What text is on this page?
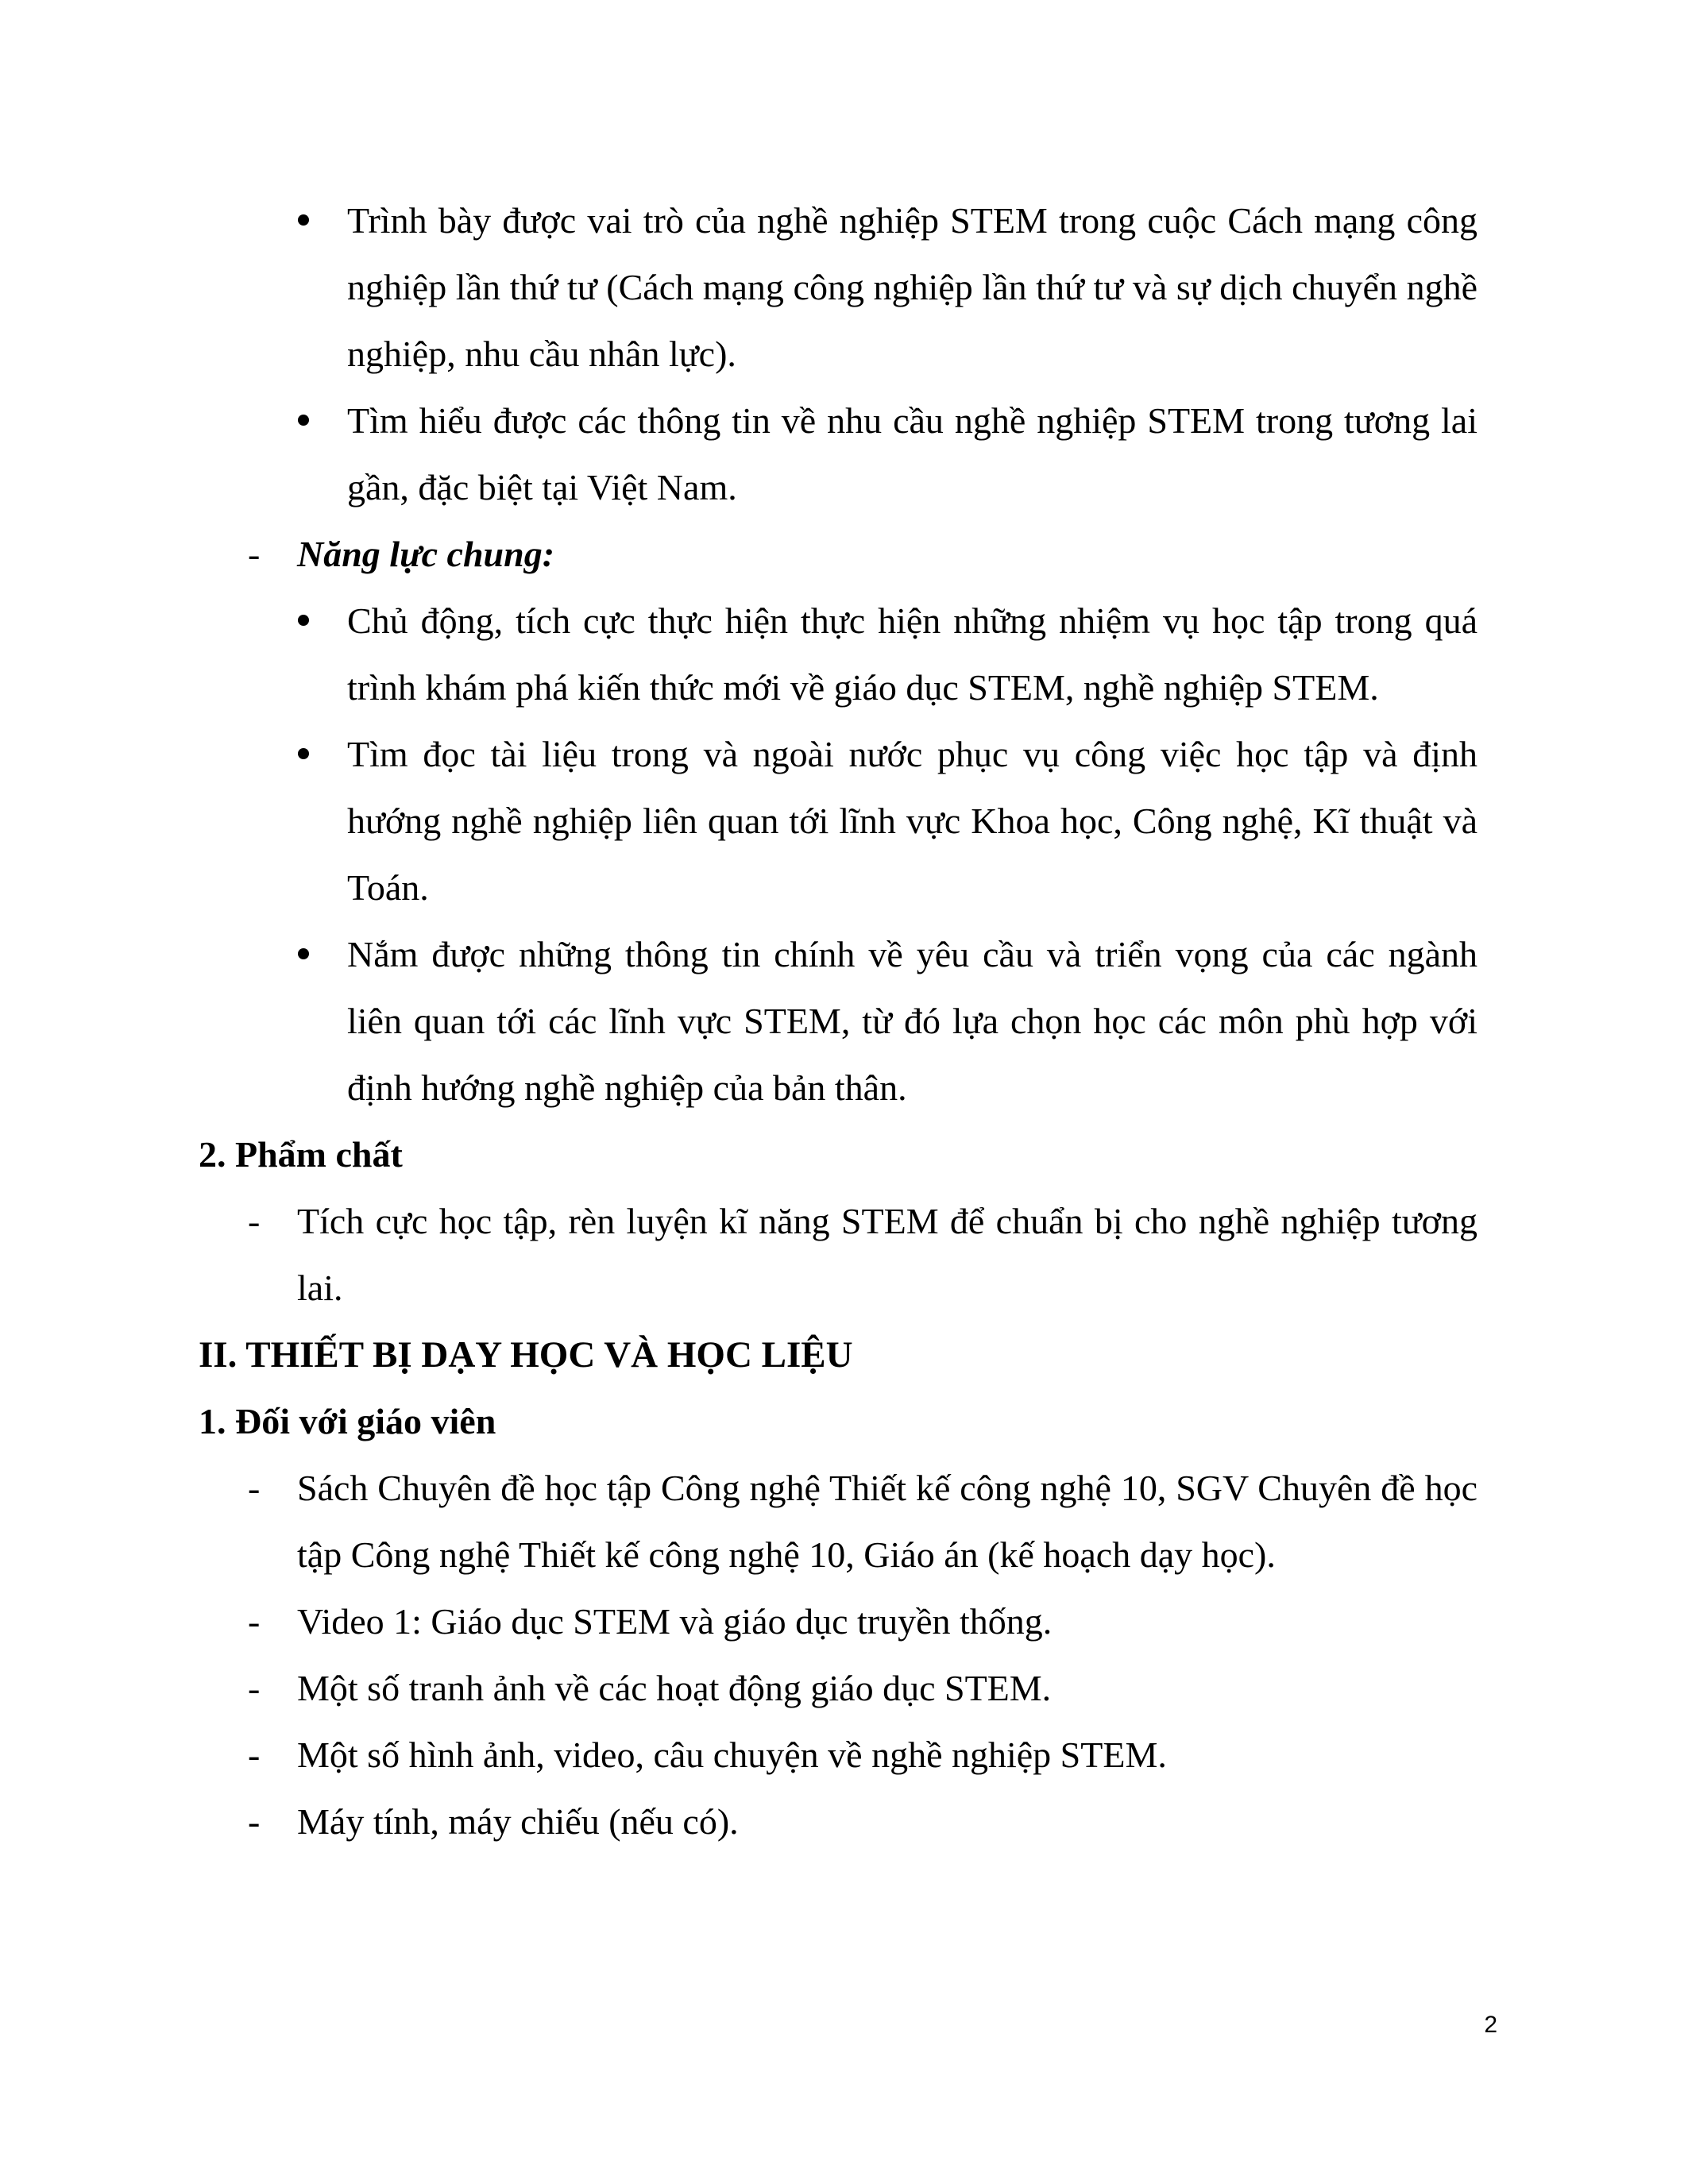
Trình bày được vai trò của nghề nghiệp STEM trong cuộc Cách mạng công nghiệp lần thứ tư (Cách mạng công nghiệp lần thứ tư và sự dịch chuyển nghề nghiệp, nhu cầu nhân lực).
Tìm hiểu được các thông tin về nhu cầu nghề nghiệp STEM trong tương lai gần, đặc biệt tại Việt Nam.
- Năng lực chung:
Chủ động, tích cực thực hiện thực hiện những nhiệm vụ học tập trong quá trình khám phá kiến thức mới về giáo dục STEM, nghề nghiệp STEM.
Tìm đọc tài liệu trong và ngoài nước phục vụ công việc học tập và định hướng nghề nghiệp liên quan tới lĩnh vực Khoa học, Công nghệ, Kĩ thuật và Toán.
Nắm được những thông tin chính về yêu cầu và triển vọng của các ngành liên quan tới các lĩnh vực STEM, từ đó lựa chọn học các môn phù hợp với định hướng nghề nghiệp của bản thân.
2. Phẩm chất
- Tích cực học tập, rèn luyện kĩ năng STEM để chuẩn bị cho nghề nghiệp tương lai.
II. THIẾT BỊ DẠY HỌC VÀ HỌC LIỆU
1. Đối với giáo viên
- Sách Chuyên đề học tập Công nghệ Thiết kế công nghệ 10, SGV Chuyên đề học tập Công nghệ Thiết kế công nghệ 10, Giáo án (kế hoạch dạy học).
- Video 1: Giáo dục STEM và giáo dục truyền thống.
- Một số tranh ảnh về các hoạt động giáo dục STEM.
- Một số hình ảnh, video, câu chuyện về nghề nghiệp STEM.
- Máy tính, máy chiếu (nếu có).
2
